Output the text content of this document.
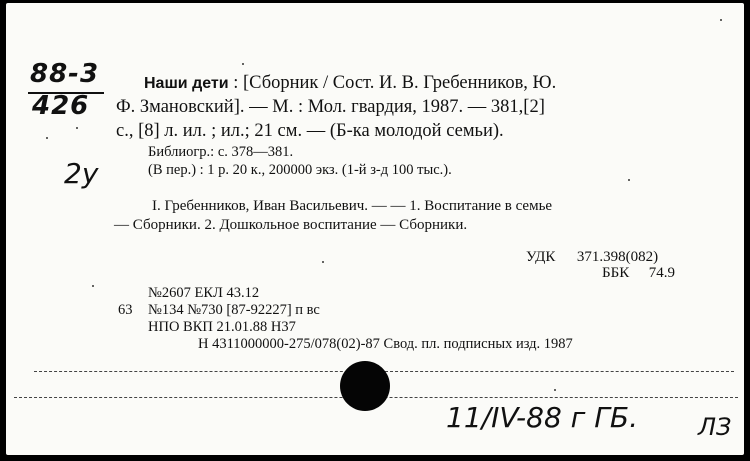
88-3
426
2y
Наши дети : [Сборник / Сост. И. В. Гребенников, Ю.
Ф. Змановский]. — М. : Мол. гвардия, 1987. — 381,[2]
с., [8] л. ил. ; ил.; 21 см. — (Б-ка молодой семьи).
Библиогр.: с. 378—381.
(В пер.) : 1 р. 20 к., 200000 экз. (1-й з-д 100 тыс.).
I. Гребенников, Иван Васильевич. — — 1. Воспитание в семье
— Сборники. 2. Дошкольное воспитание — Сборники.
УДК 371.398(082)
ББК 74.9
№2607 ЕКЛ 43.12
63 №134 №730 [87-92227] п вс
НПО ВКП 21.01.88 Н37
Н 4311000000-275/078(02)-87 Свод. пл. подписных изд. 1987
11/IV-88 г ГБ.	ЛЗ
